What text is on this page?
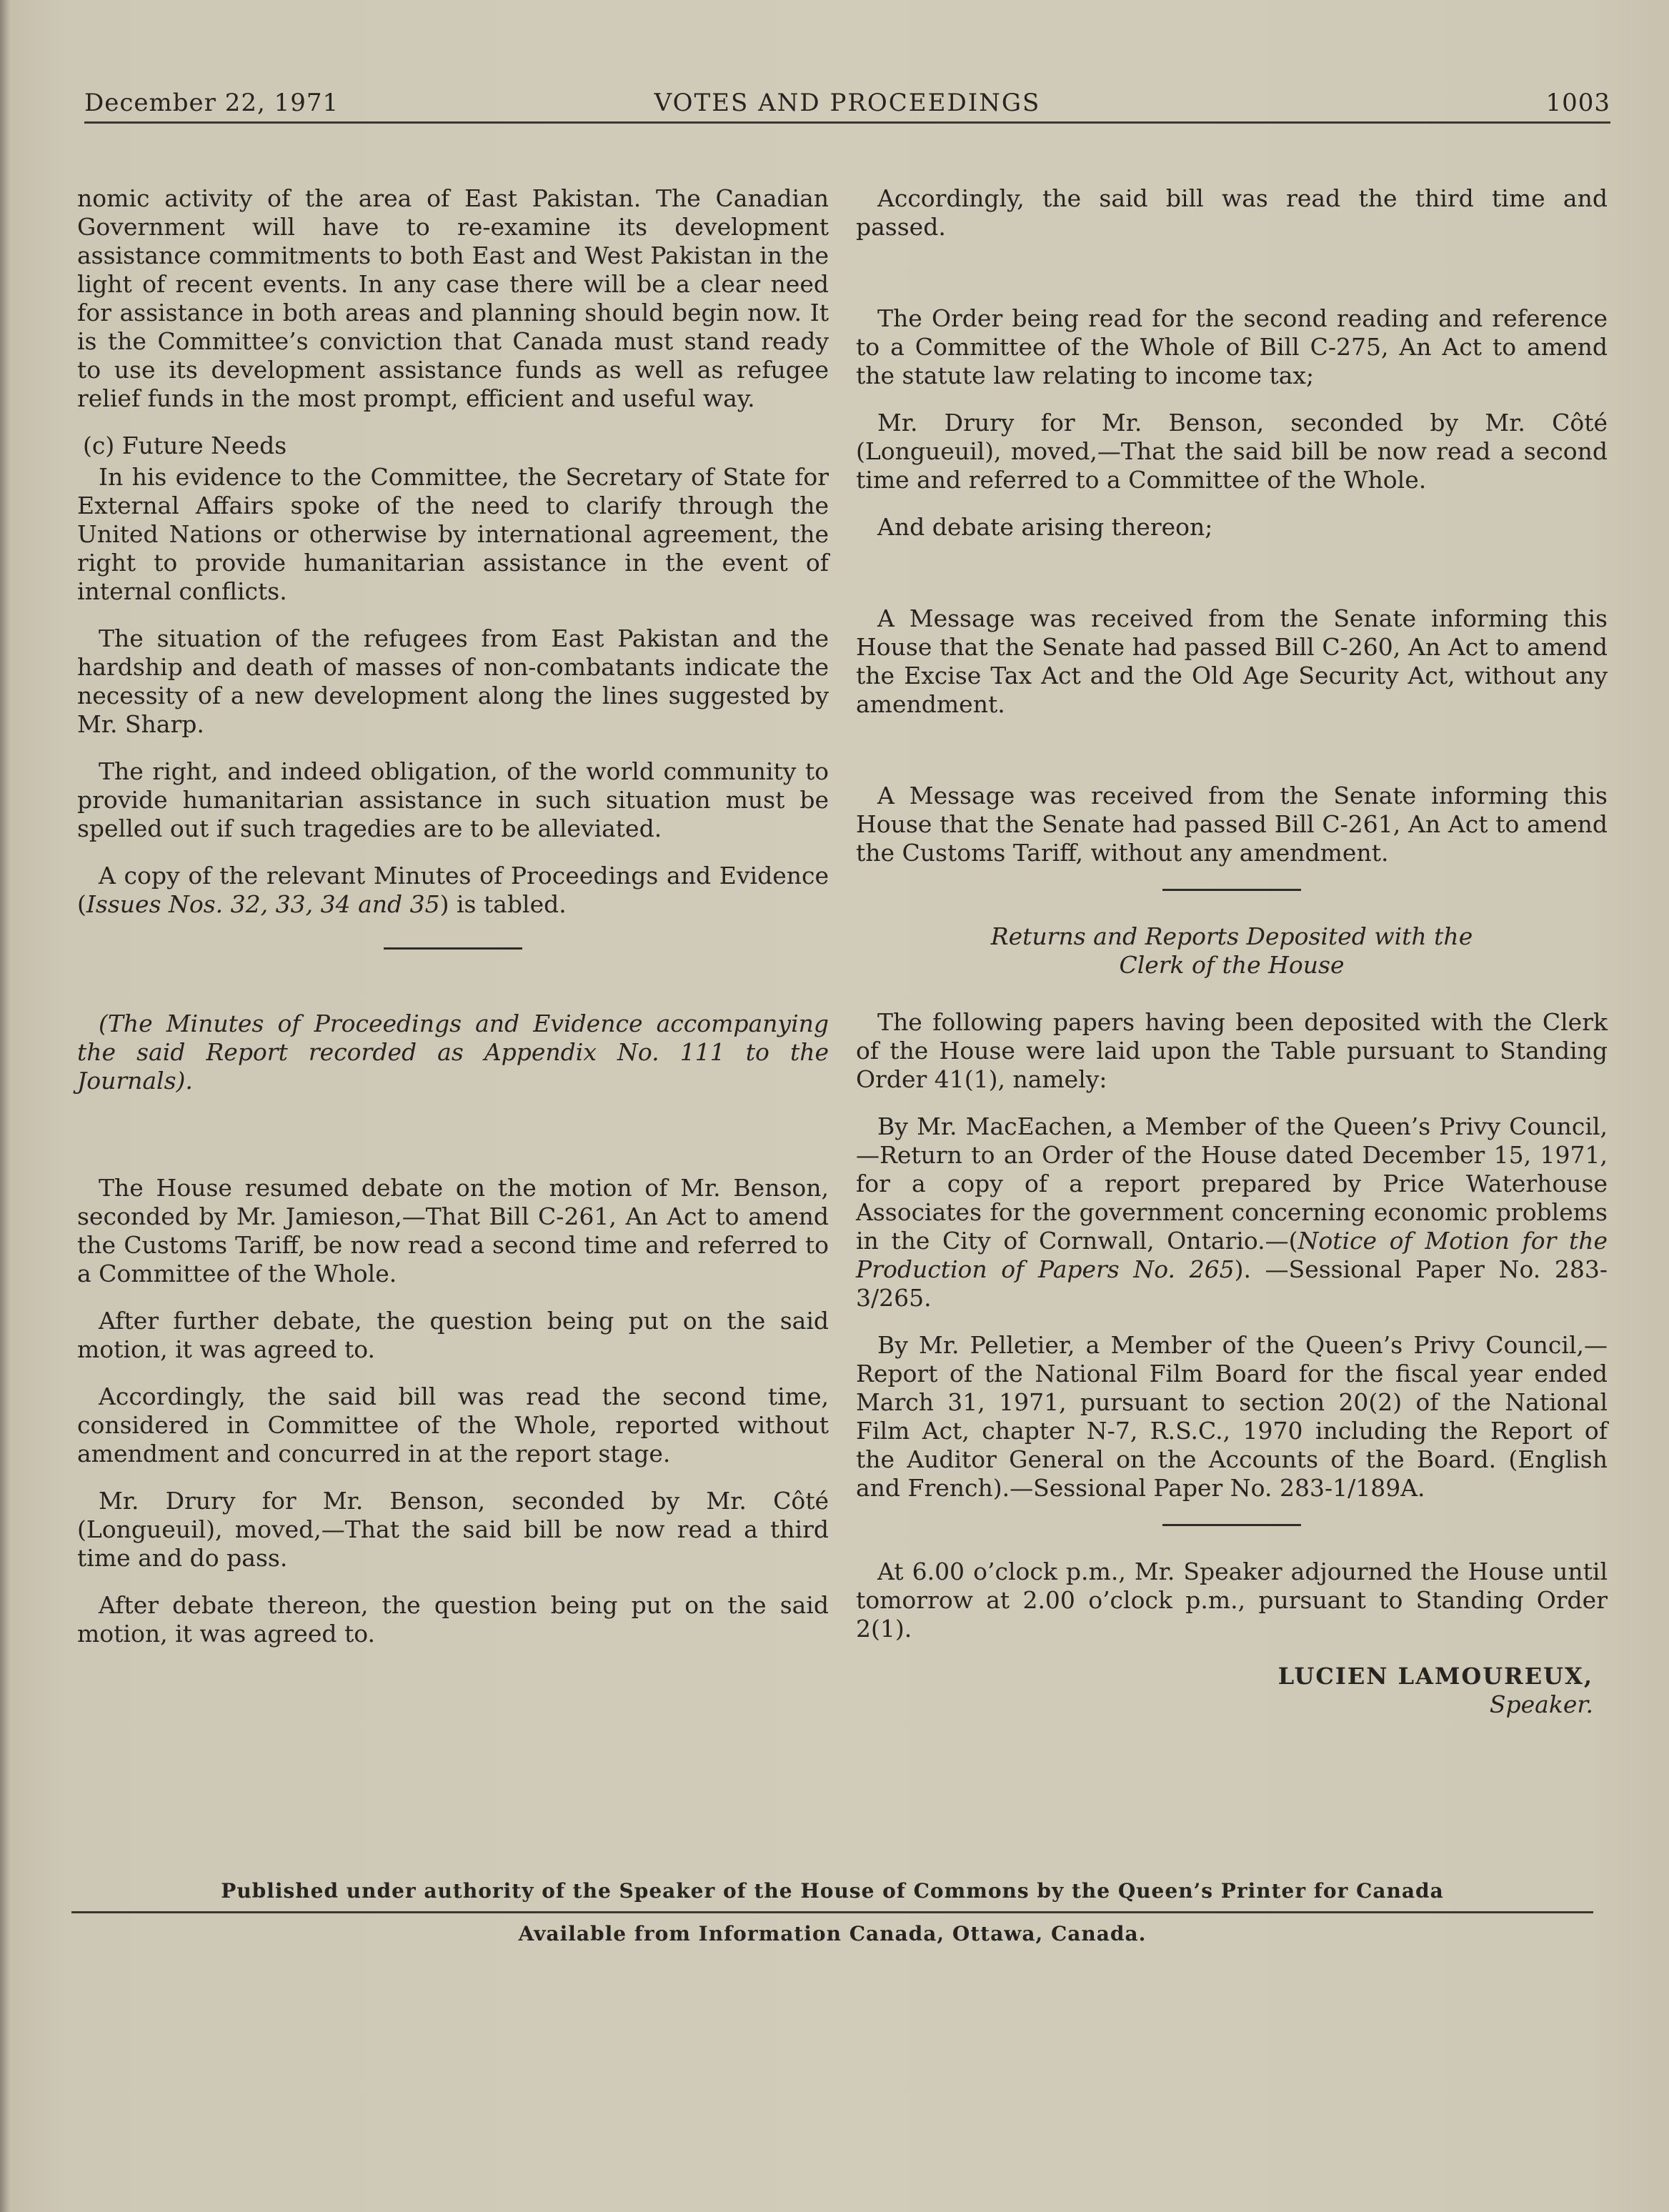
December 22, 1971	VOTES AND PROCEEDINGS	1003

nomic activity of the area of East Pakistan. The Canadian Government will have to re-examine its development assistance commitments to both East and West Pakistan in the light of recent events. In any case there will be a clear need for assistance in both areas and planning should begin now. It is the Committee’s conviction that Canada must stand ready to use its development assistance funds as well as refugee relief funds in the most prompt, efficient and useful way.

(c) Future Needs

In his evidence to the Committee, the Secretary of State for External Affairs spoke of the need to clarify through the United Nations or otherwise by international agreement, the right to provide humanitarian assistance in the event of internal conflicts.

The situation of the refugees from East Pakistan and the hardship and death of masses of non-combatants indicate the necessity of a new development along the lines suggested by Mr. Sharp.

The right, and indeed obligation, of the world community to provide humanitarian assistance in such situation must be spelled out if such tragedies are to be alleviated.

A copy of the relevant Minutes of Proceedings and Evidence (Issues Nos. 32, 33, 34 and 35) is tabled.

(The Minutes of Proceedings and Evidence accompanying the said Report recorded as Appendix No. 111 to the Journals).

The House resumed debate on the motion of Mr. Benson, seconded by Mr. Jamieson,—That Bill C-261, An Act to amend the Customs Tariff, be now read a second time and referred to a Committee of the Whole.

After further debate, the question being put on the said motion, it was agreed to.

Accordingly, the said bill was read the second time, considered in Committee of the Whole, reported without amendment and concurred in at the report stage.

Mr. Drury for Mr. Benson, seconded by Mr. Côté (Longueuil), moved,—That the said bill be now read a third time and do pass.

After debate thereon, the question being put on the said motion, it was agreed to.

Accordingly, the said bill was read the third time and passed.

The Order being read for the second reading and reference to a Committee of the Whole of Bill C-275, An Act to amend the statute law relating to income tax;

Mr. Drury for Mr. Benson, seconded by Mr. Côté (Longueuil), moved,—That the said bill be now read a second time and referred to a Committee of the Whole.

And debate arising thereon;

A Message was received from the Senate informing this House that the Senate had passed Bill C-260, An Act to amend the Excise Tax Act and the Old Age Security Act, without any amendment.

A Message was received from the Senate informing this House that the Senate had passed Bill C-261, An Act to amend the Customs Tariff, without any amendment.

Returns and Reports Deposited with the
Clerk of the House

The following papers having been deposited with the Clerk of the House were laid upon the Table pursuant to Standing Order 41(1), namely:

By Mr. MacEachen, a Member of the Queen’s Privy Council,—Return to an Order of the House dated December 15, 1971, for a copy of a report prepared by Price Waterhouse Associates for the government concerning economic problems in the City of Cornwall, Ontario.—(Notice of Motion for the Production of Papers No. 265). —Sessional Paper No. 283-3/265.

By Mr. Pelletier, a Member of the Queen’s Privy Council,—Report of the National Film Board for the fiscal year ended March 31, 1971, pursuant to section 20(2) of the National Film Act, chapter N-7, R.S.C., 1970 including the Report of the Auditor General on the Accounts of the Board. (English and French).—Sessional Paper No. 283-1/189A.

At 6.00 o’clock p.m., Mr. Speaker adjourned the House until tomorrow at 2.00 o’clock p.m., pursuant to Standing Order 2(1).

LUCIEN LAMOUREUX,
Speaker.
Published under authority of the Speaker of the House of Commons by the Queen’s Printer for Canada
Available from Information Canada, Ottawa, Canada.
